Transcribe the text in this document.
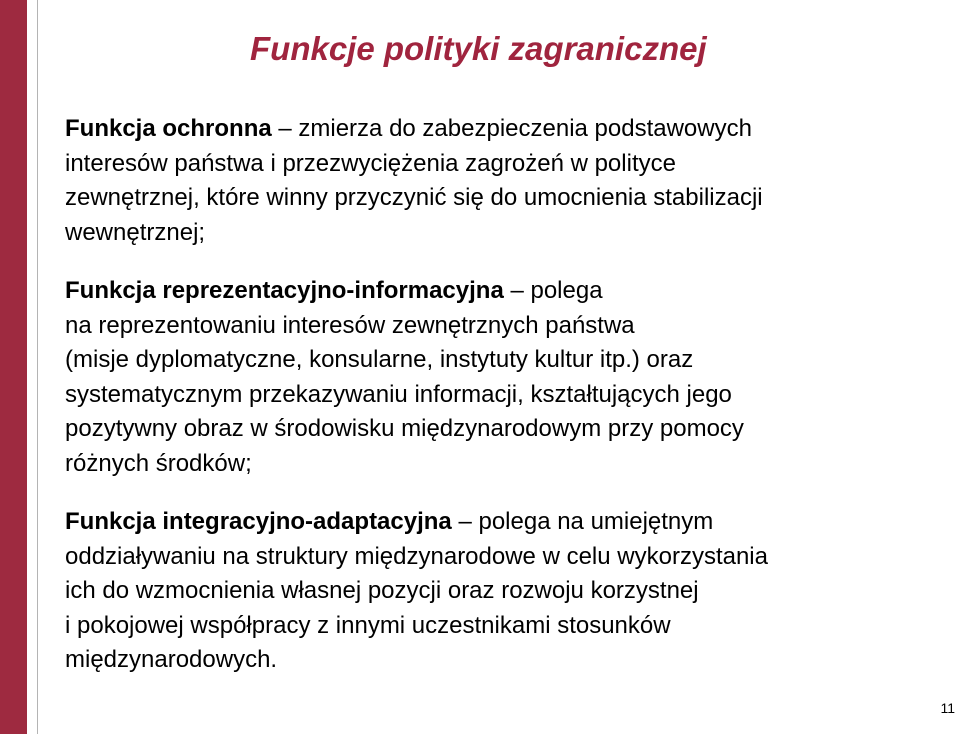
Funkcje polityki zagranicznej

Funkcja ochronna – zmierza do zabezpieczenia podstawowych
interesów państwa i przezwyciężenia zagrożeń w polityce
zewnętrznej, które winny przyczynić się do umocnienia stabilizacji
wewnętrznej;

Funkcja reprezentacyjno-informacyjna – polega
na reprezentowaniu interesów zewnętrznych państwa
(misje dyplomatyczne, konsularne, instytuty kultur itp.) oraz
systematycznym przekazywaniu informacji, kształtujących jego
pozytywny obraz w środowisku międzynarodowym przy pomocy
różnych środków;

Funkcja integracyjno-adaptacyjna – polega na umiejętnym
oddziaływaniu na struktury międzynarodowe w celu wykorzystania
ich do wzmocnienia własnej pozycji oraz rozwoju korzystnej
i pokojowej współpracy z innymi uczestnikami stosunków
międzynarodowych.

11
